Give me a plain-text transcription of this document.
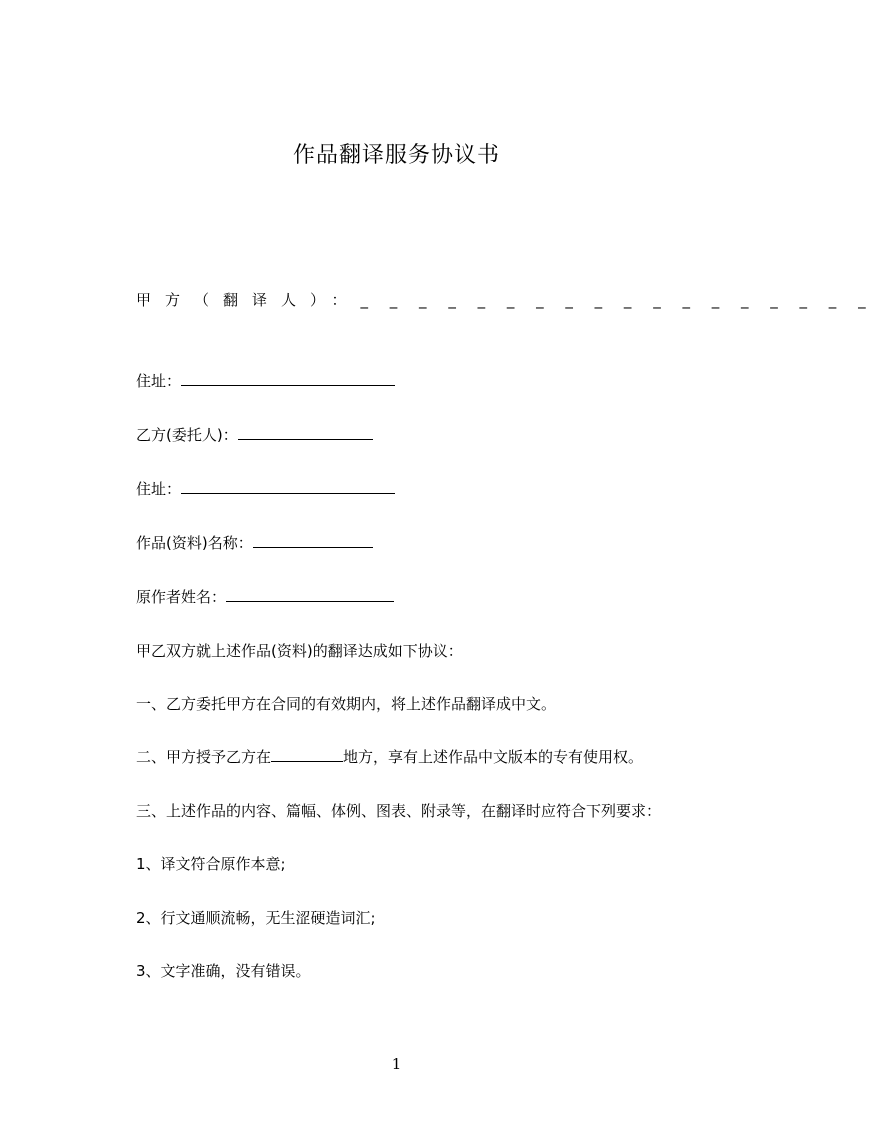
作品翻译服务协议书
甲方（翻译人）：_ _ _ _ _ _ _ _ _ _ _ _ _ _ _ _ _ _
住址：
乙方(委托人)：
住址：
作品(资料)名称：
原作者姓名：
甲乙双方就上述作品(资料)的翻译达成如下协议：
一、乙方委托甲方在合同的有效期内，将上述作品翻译成中文。
二、甲方授予乙方在	地方，享有上述作品中文版本的专有使用权。
三、上述作品的内容、篇幅、体例、图表、附录等，在翻译时应符合下列要求：
1、译文符合原作本意;
2、行文通顺流畅，无生涩硬造词汇;
3、文字准确，没有错误。
1
